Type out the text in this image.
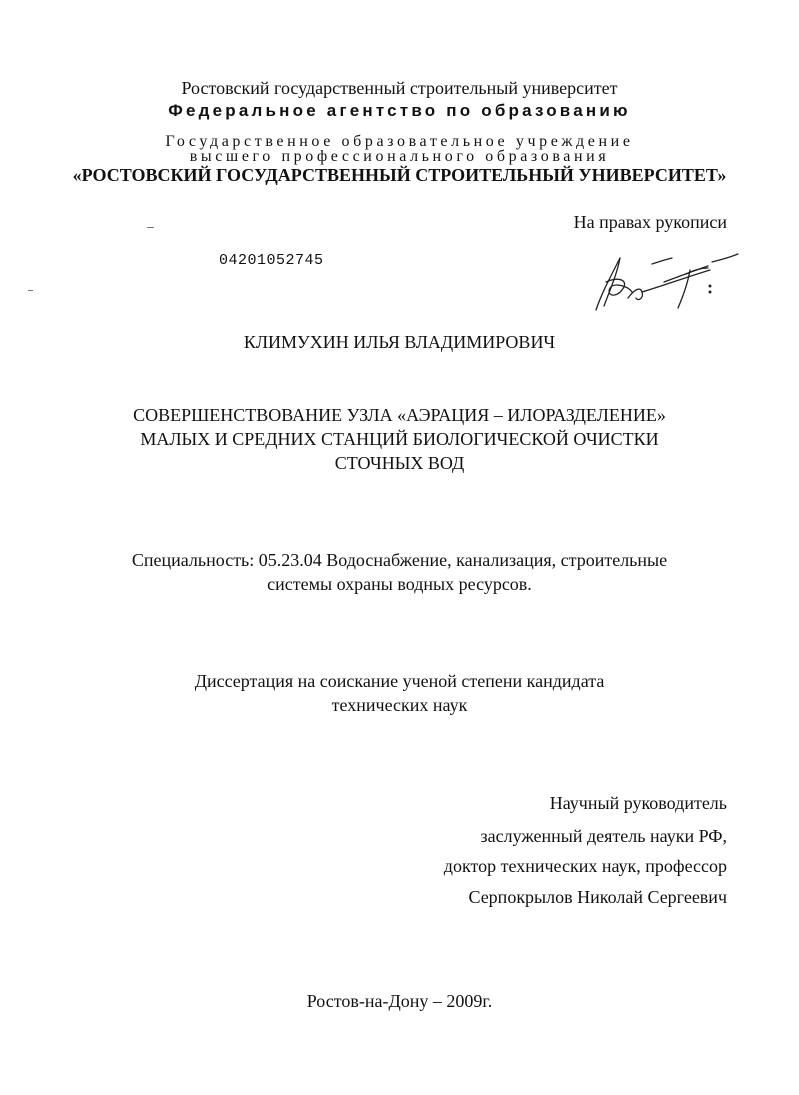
Ростовский государственный строительный университет
Федеральное агентство по образованию
Государственное образовательное учреждение
высшего профессионального образования
«РОСТОВСКИЙ ГОСУДАРСТВЕННЫЙ СТРОИТЕЛЬНЫЙ УНИВЕРСИТЕТ»
На правах рукописи
04201052745
КЛИМУХИН ИЛЬЯ ВЛАДИМИРОВИЧ
СОВЕРШЕНСТВОВАНИЕ УЗЛА «АЭРАЦИЯ – ИЛОРАЗДЕЛЕНИЕ»
МАЛЫХ И СРЕДНИХ СТАНЦИЙ БИОЛОГИЧЕСКОЙ ОЧИСТКИ
СТОЧНЫХ ВОД
Специальность: 05.23.04 Водоснабжение, канализация, строительные
системы охраны водных ресурсов.
Диссертация на соискание ученой степени кандидата
технических наук
Научный руководитель
заслуженный деятель науки РФ,
доктор технических наук, профессор
Серпокрылов Николай Сергеевич
Ростов-на-Дону – 2009г.
